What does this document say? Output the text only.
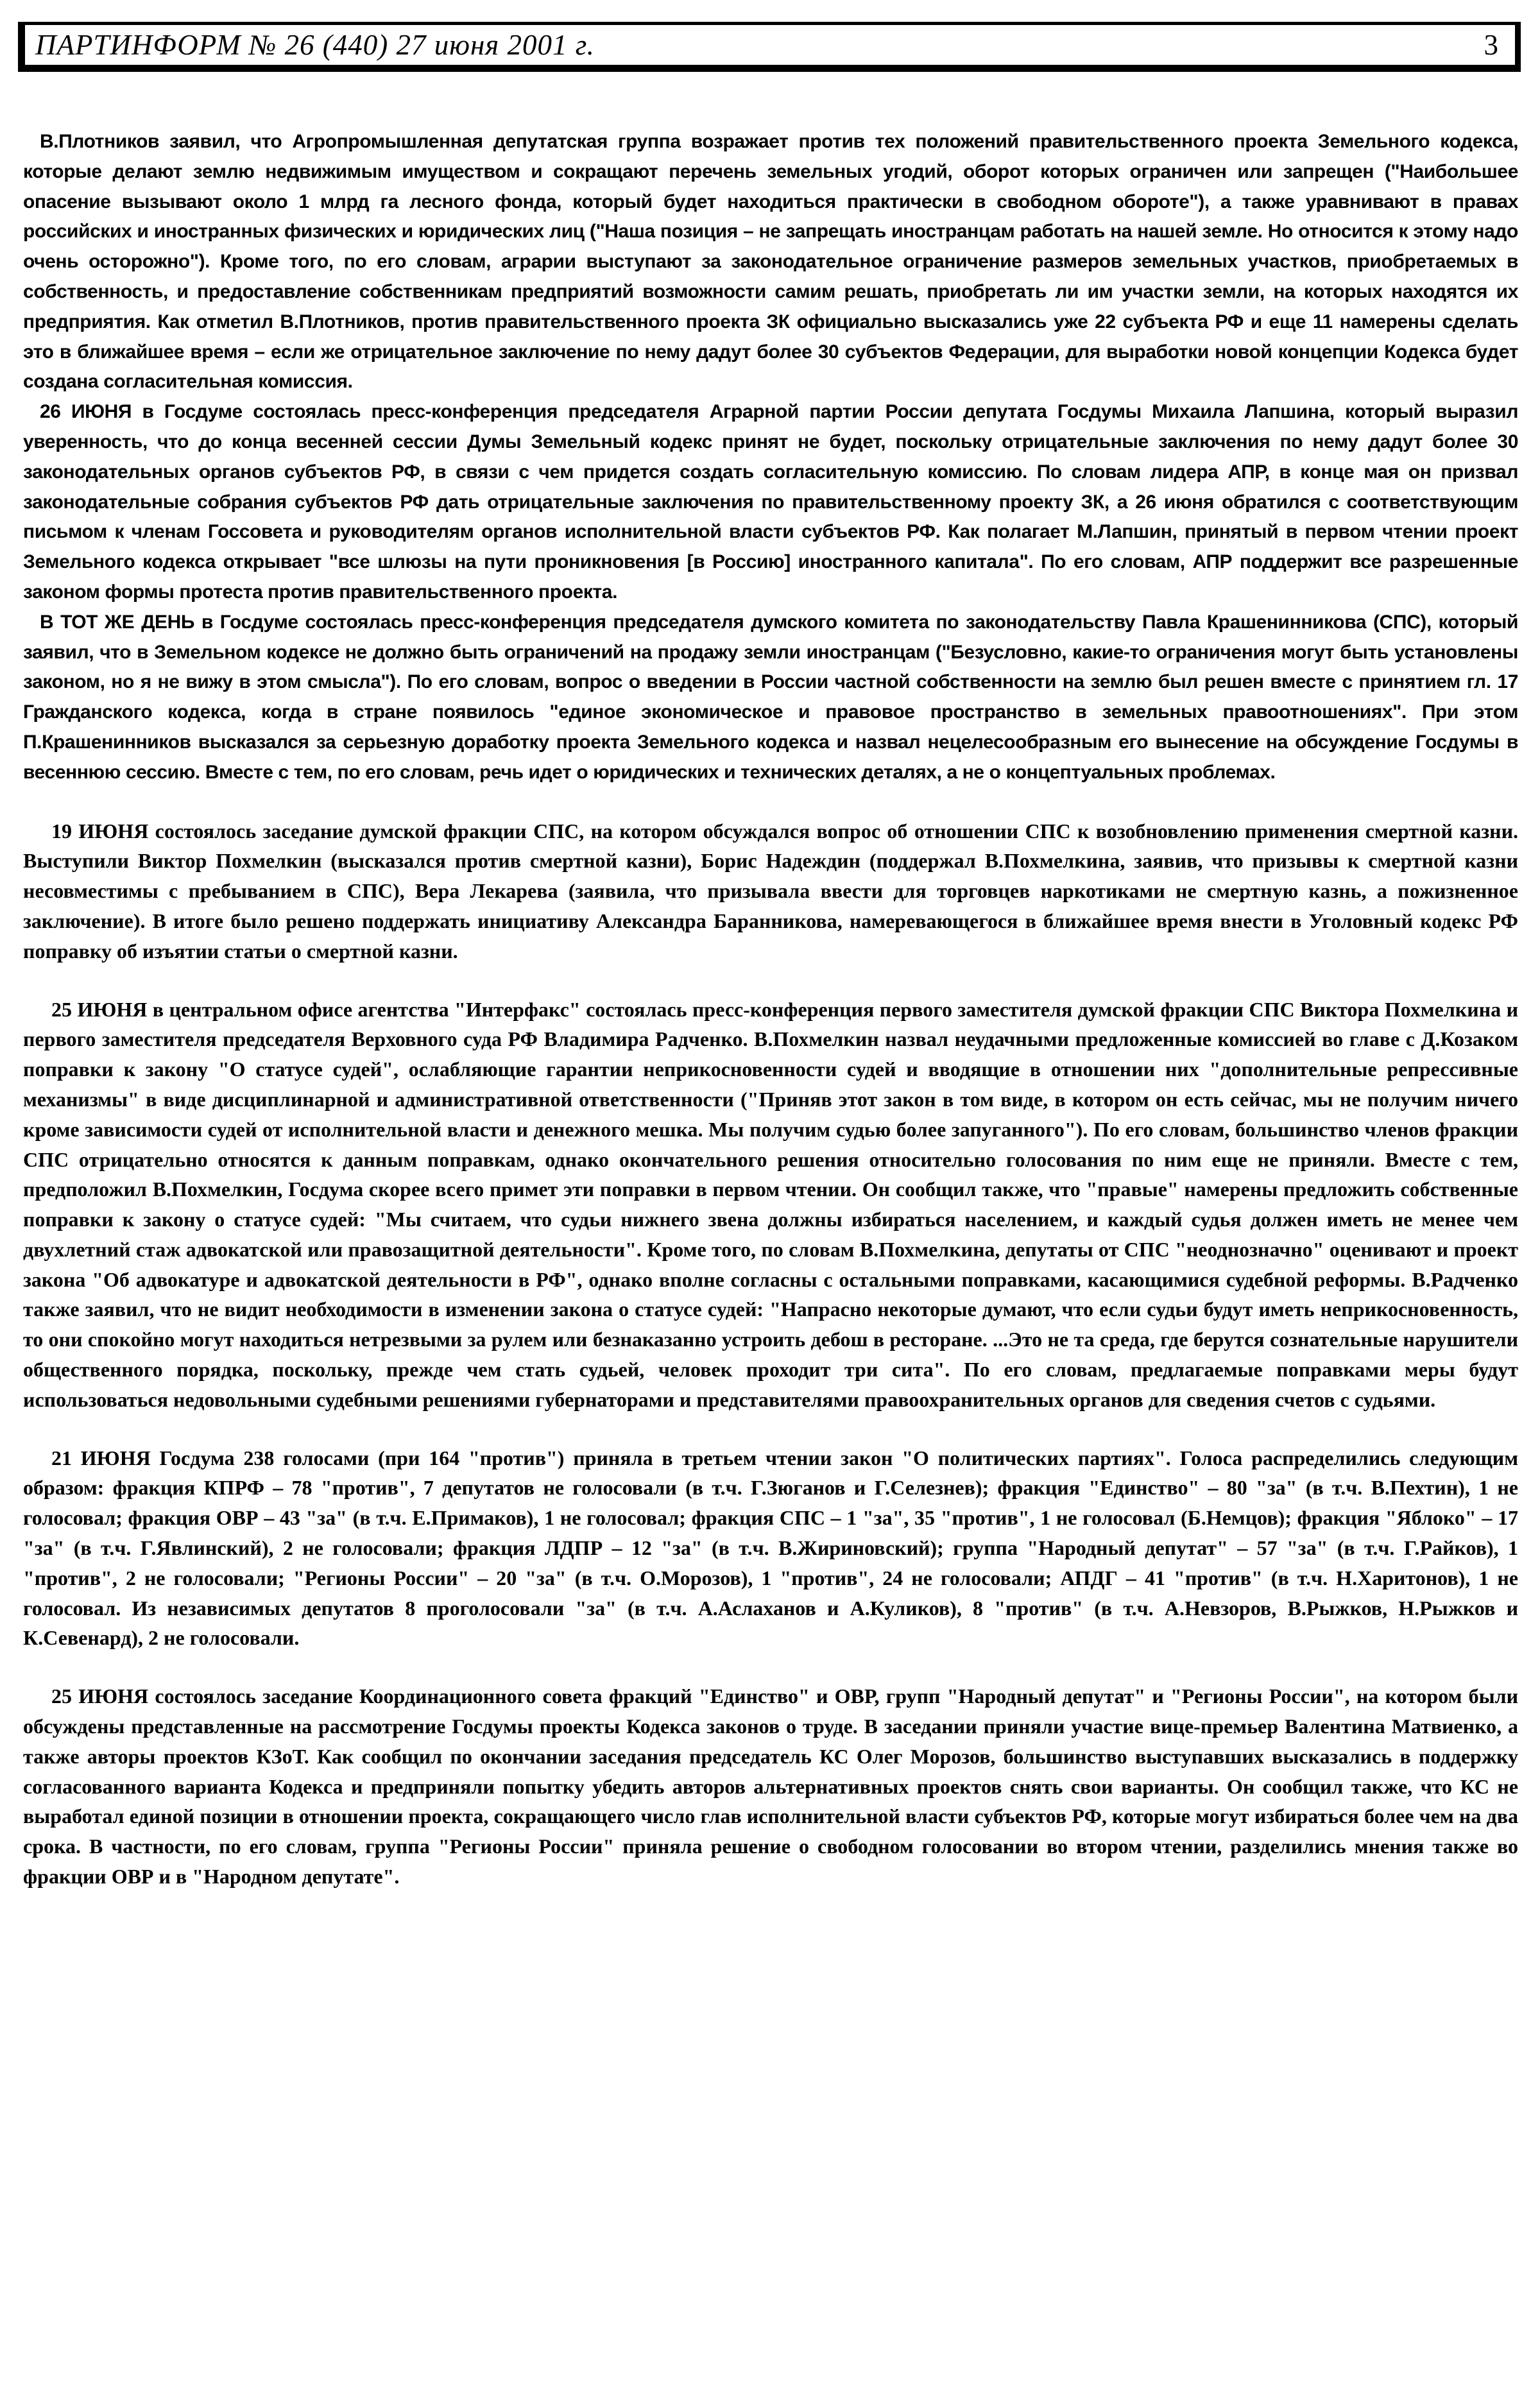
ПАРТИНФОРМ № 26 (440) 27 июня 2001 г.	3

В.Плотников заявил, что Агропромышленная депутатская группа возражает против тех положений правительственного проекта Земельного кодекса, которые делают землю недвижимым имуществом и сокращают перечень земельных угодий, оборот которых ограничен или запрещен ("Наибольшее опасение вызывают около 1 млрд га лесного фонда, который будет находиться практически в свободном обороте"), а также уравнивают в правах российских и иностранных физических и юридических лиц ("Наша позиция – не запрещать иностранцам работать на нашей земле. Но относится к этому надо очень осторожно"). Кроме того, по его словам, аграрии выступают за законодательное ограничение размеров земельных участков, приобретаемых в собственность, и предоставление собственникам предприятий возможности самим решать, приобретать ли им участки земли, на которых находятся их предприятия. Как отметил В.Плотников, против правительственного проекта ЗК официально высказались уже 22 субъекта РФ и еще 11 намерены сделать это в ближайшее время – если же отрицательное заключение по нему дадут более 30 субъектов Федерации, для выработки новой концепции Кодекса будет создана согласительная комиссия.

26 ИЮНЯ в Госдуме состоялась пресс-конференция председателя Аграрной партии России депутата Госдумы Михаила Лапшина, который выразил уверенность, что до конца весенней сессии Думы Земельный кодекс принят не будет, поскольку отрицательные заключения по нему дадут более 30 законодательных органов субъектов РФ, в связи с чем придется создать согласительную комиссию. По словам лидера АПР, в конце мая он призвал законодательные собрания субъектов РФ дать отрицательные заключения по правительственному проекту ЗК, а 26 июня обратился с соответствующим письмом к членам Госсовета и руководителям органов исполнительной власти субъектов РФ. Как полагает М.Лапшин, принятый в первом чтении проект Земельного кодекса открывает "все шлюзы на пути проникновения [в Россию] иностранного капитала". По его словам, АПР поддержит все разрешенные законом формы протеста против правительственного проекта.

В ТОТ ЖЕ ДЕНЬ в Госдуме состоялась пресс-конференция председателя думского комитета по законодательству Павла Крашенинникова (СПС), который заявил, что в Земельном кодексе не должно быть ограничений на продажу земли иностранцам ("Безусловно, какие-то ограничения могут быть установлены законом, но я не вижу в этом смысла"). По его словам, вопрос о введении в России частной собственности на землю был решен вместе с принятием гл. 17 Гражданского кодекса, когда в стране появилось "единое экономическое и правовое пространство в земельных правоотношениях". При этом П.Крашенинников высказался за серьезную доработку проекта Земельного кодекса и назвал нецелесообразным его вынесение на обсуждение Госдумы в весеннюю сессию. Вместе с тем, по его словам, речь идет о юридических и технических деталях, а не о концептуальных проблемах.

19 ИЮНЯ состоялось заседание думской фракции СПС, на котором обсуждался вопрос об отношении СПС к возобновлению применения смертной казни. Выступили Виктор Похмелкин (высказался против смертной казни), Борис Надеждин (поддержал В.Похмелкина, заявив, что призывы к смертной казни несовместимы с пребыванием в СПС), Вера Лекарева (заявила, что призывала ввести для торговцев наркотиками не смертную казнь, а пожизненное заключение). В итоге было решено поддержать инициативу Александра Баранникова, намеревающегося в ближайшее время внести в Уголовный кодекс РФ поправку об изъятии статьи о смертной казни.

25 ИЮНЯ в центральном офисе агентства "Интерфакс" состоялась пресс-конференция первого заместителя думской фракции СПС Виктора Похмелкина и первого заместителя председателя Верховного суда РФ Владимира Радченко. В.Похмелкин назвал неудачными предложенные комиссией во главе с Д.Козаком поправки к закону "О статусе судей", ослабляющие гарантии неприкосновенности судей и вводящие в отношении них "дополнительные репрессивные механизмы" в виде дисциплинарной и административной ответственности ("Приняв этот закон в том виде, в котором он есть сейчас, мы не получим ничего кроме зависимости судей от исполнительной власти и денежного мешка. Мы получим судью более запуганного"). По его словам, большинство членов фракции СПС отрицательно относятся к данным поправкам, однако окончательного решения относительно голосования по ним еще не приняли. Вместе с тем, предположил В.Похмелкин, Госдума скорее всего примет эти поправки в первом чтении. Он сообщил также, что "правые" намерены предложить собственные поправки к закону о статусе судей: "Мы считаем, что судьи нижнего звена должны избираться населением, и каждый судья должен иметь не менее чем двухлетний стаж адвокатской или правозащитной деятельности". Кроме того, по словам В.Похмелкина, депутаты от СПС "неоднозначно" оценивают и проект закона "Об адвокатуре и адвокатской деятельности в РФ", однако вполне согласны с остальными поправками, касающимися судебной реформы. В.Радченко также заявил, что не видит необходимости в изменении закона о статусе судей: "Напрасно некоторые думают, что если судьи будут иметь неприкосновенность, то они спокойно могут находиться нетрезвыми за рулем или безнаказанно устроить дебош в ресторане. ...Это не та среда, где берутся сознательные нарушители общественного порядка, поскольку, прежде чем стать судьей, человек проходит три сита". По его словам, предлагаемые поправками меры будут использоваться недовольными судебными решениями губернаторами и представителями правоохранительных органов для сведения счетов с судьями.

21 ИЮНЯ Госдума 238 голосами (при 164 "против") приняла в третьем чтении закон "О политических партиях". Голоса распределились следующим образом: фракция КПРФ – 78 "против", 7 депутатов не голосовали (в т.ч. Г.Зюганов и Г.Селезнев); фракция "Единство" – 80 "за" (в т.ч. В.Пехтин), 1 не голосовал; фракция ОВР – 43 "за" (в т.ч. Е.Примаков), 1 не голосовал; фракция СПС – 1 "за", 35 "против", 1 не голосовал (Б.Немцов); фракция "Яблоко" – 17 "за" (в т.ч. Г.Явлинский), 2 не голосовали; фракция ЛДПР – 12 "за" (в т.ч. В.Жириновский); группа "Народный депутат" – 57 "за" (в т.ч. Г.Райков), 1 "против", 2 не голосовали; "Регионы России" – 20 "за" (в т.ч. О.Морозов), 1 "против", 24 не голосовали; АПДГ – 41 "против" (в т.ч. Н.Харитонов), 1 не голосовал. Из независимых депутатов 8 проголосовали "за" (в т.ч. А.Аслаханов и А.Куликов), 8 "против" (в т.ч. А.Невзоров, В.Рыжков, Н.Рыжков и К.Севенард), 2 не голосовали.

25 ИЮНЯ состоялось заседание Координационного совета фракций "Единство" и ОВР, групп "Народный депутат" и "Регионы России", на котором были обсуждены представленные на рассмотрение Госдумы проекты Кодекса законов о труде. В заседании приняли участие вице-премьер Валентина Матвиенко, а также авторы проектов КЗоТ. Как сообщил по окончании заседания председатель КС Олег Морозов, большинство выступавших высказались в поддержку согласованного варианта Кодекса и предприняли попытку убедить авторов альтернативных проектов снять свои варианты. Он сообщил также, что КС не выработал единой позиции в отношении проекта, сокращающего число глав исполнительной власти субъектов РФ, которые могут избираться более чем на два срока. В частности, по его словам, группа "Регионы России" приняла решение о свободном голосовании во втором чтении, разделились мнения также во фракции ОВР и в "Народном депутате".
